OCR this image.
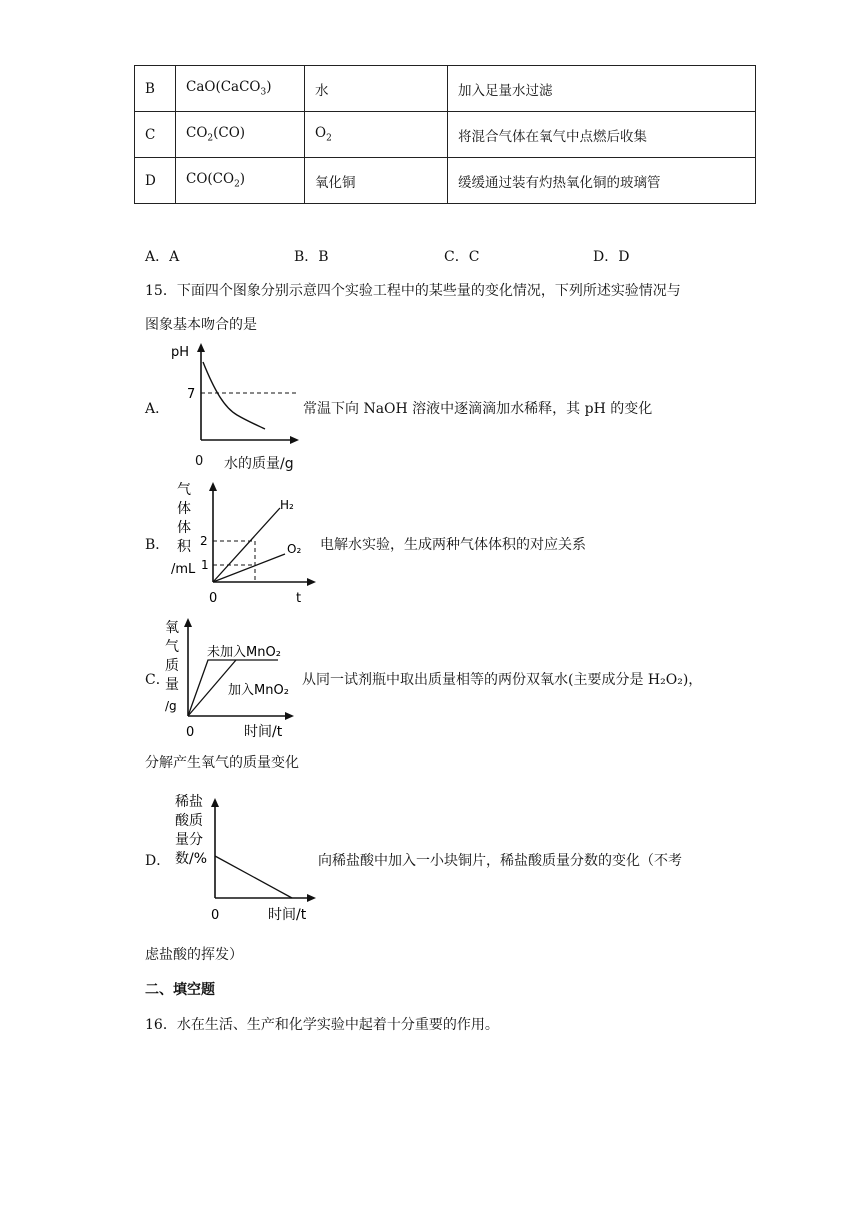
B	CaO(CaCO$_3$)	水	加入足量水过滤
C	$CO_2(CO)$	$O_2$	将混合气体在氧气中点燃后收集
D	$CO(CO_2)$	氧化铜	缓缓通过装有灼热氧化铜的玻璃管
A．A	B．B	C．C	D．D
15．下面四个图象分别示意四个实验工程中的某些量的变化情况，下列所述实验情况与
图象基本吻合的是
A．
pH
7
0 水的质量/g
常温下向 NaOH 溶液中逐滴滴加水稀释，其 pH 的变化
B．
气
体
体
积
/mL
2
1
H₂
O₂
0	t
电解水实验，生成两种气体体积的对应关系
C．
氧
气
质
量
/g
未加入MnO₂
加入MnO₂
0	时间/t
从同一试剂瓶中取出质量相等的两份双氧水(主要成分是 H₂O₂)，
分解产生氧气的质量变化
D．
稀盐
酸质
量分
数/%
0	时间/t
向稀盐酸中加入一小块铜片，稀盐酸质量分数的变化（不考
虑盐酸的挥发）
二、填空题
16．水在生活、生产和化学实验中起着十分重要的作用。
